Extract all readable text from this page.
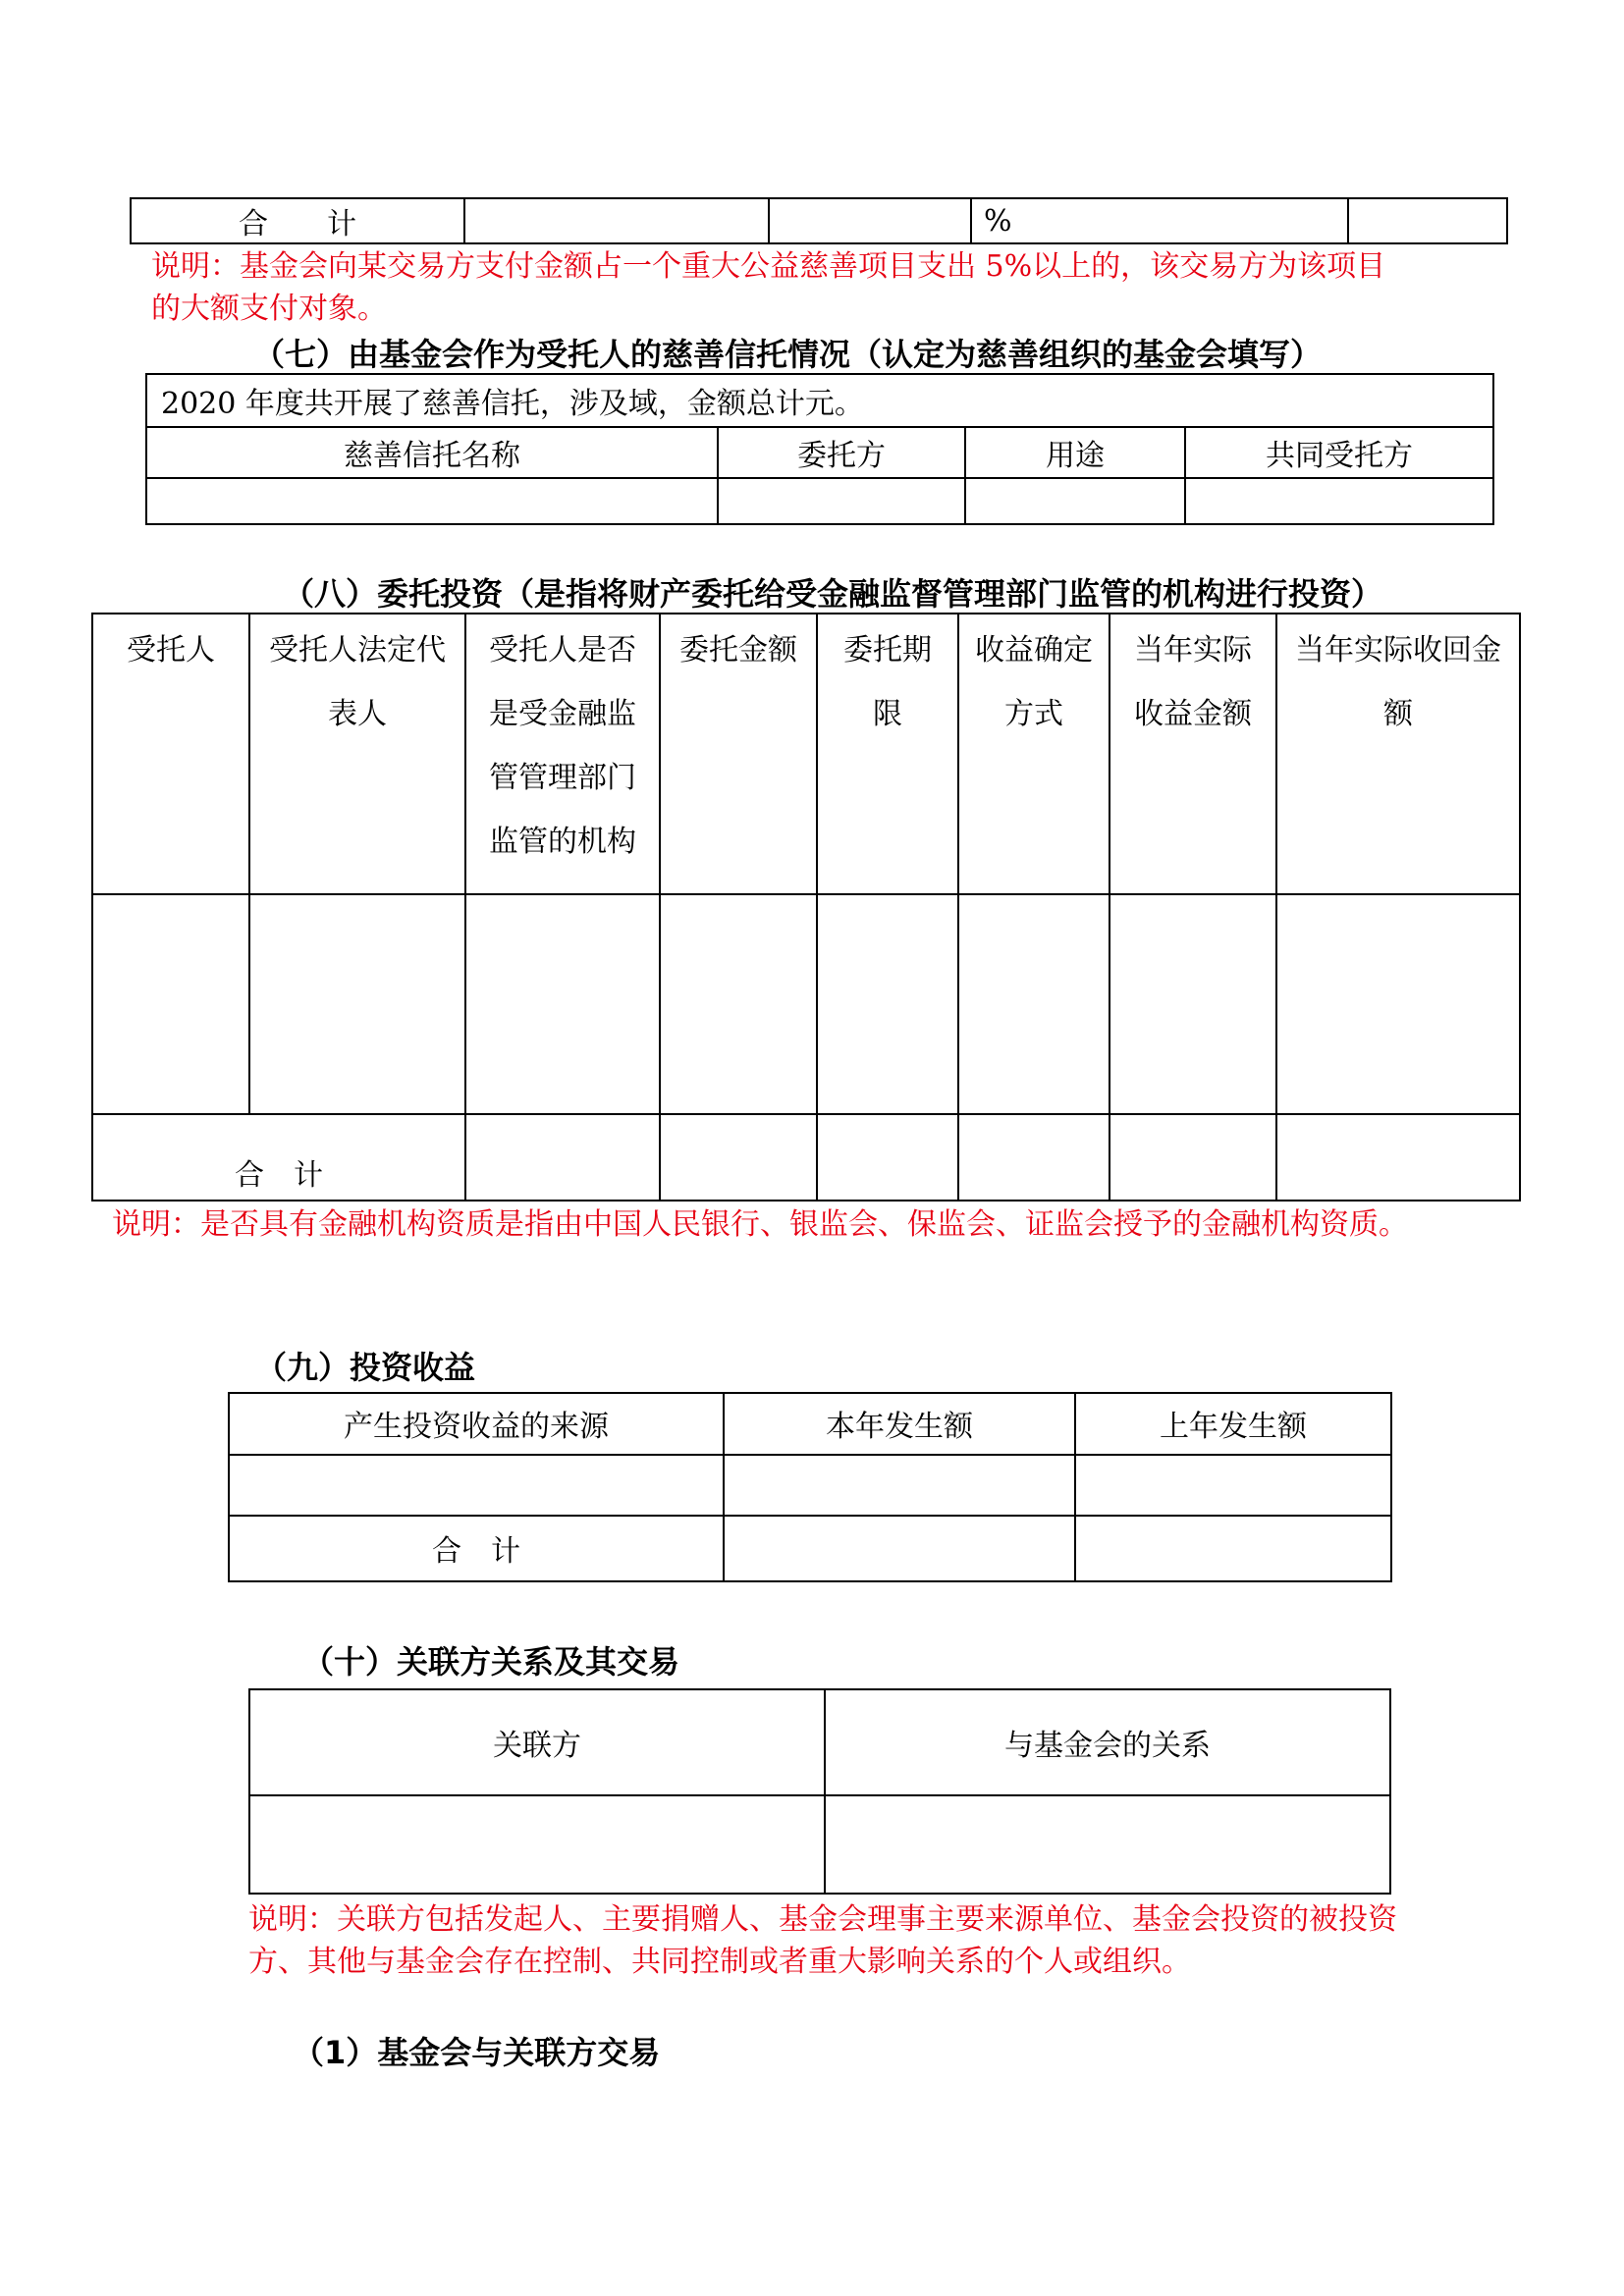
合　　计			%	
说明：基金会向某交易方支付金额占一个重大公益慈善项目支出 5%以上的，该交易方为该项目的大额支付对象。
（七）由基金会作为受托人的慈善信托情况（认定为慈善组织的基金会填写）
2020 年度共开展了慈善信托，涉及域，金额总计元。			
慈善信托名称	委托方	用途	共同受托方

（八）委托投资（是指将财产委托给受金融监督管理部门监管的机构进行投资）
受托人	受托人法定代表人	受托人是否是受金融监管管理部门监管的机构	委托金额	委托期限	收益确定方式	当年实际收益金额	当年实际收回金额

合　计							
说明：是否具有金融机构资质是指由中国人民银行、银监会、保监会、证监会授予的金融机构资质。
（九）投资收益
产生投资收益的来源	本年发生额	上年发生额

合　计		
（十）关联方关系及其交易
关联方	与基金会的关系

说明：关联方包括发起人、主要捐赠人、基金会理事主要来源单位、基金会投资的被投资方、其他与基金会存在控制、共同控制或者重大影响关系的个人或组织。
（1）基金会与关联方交易
